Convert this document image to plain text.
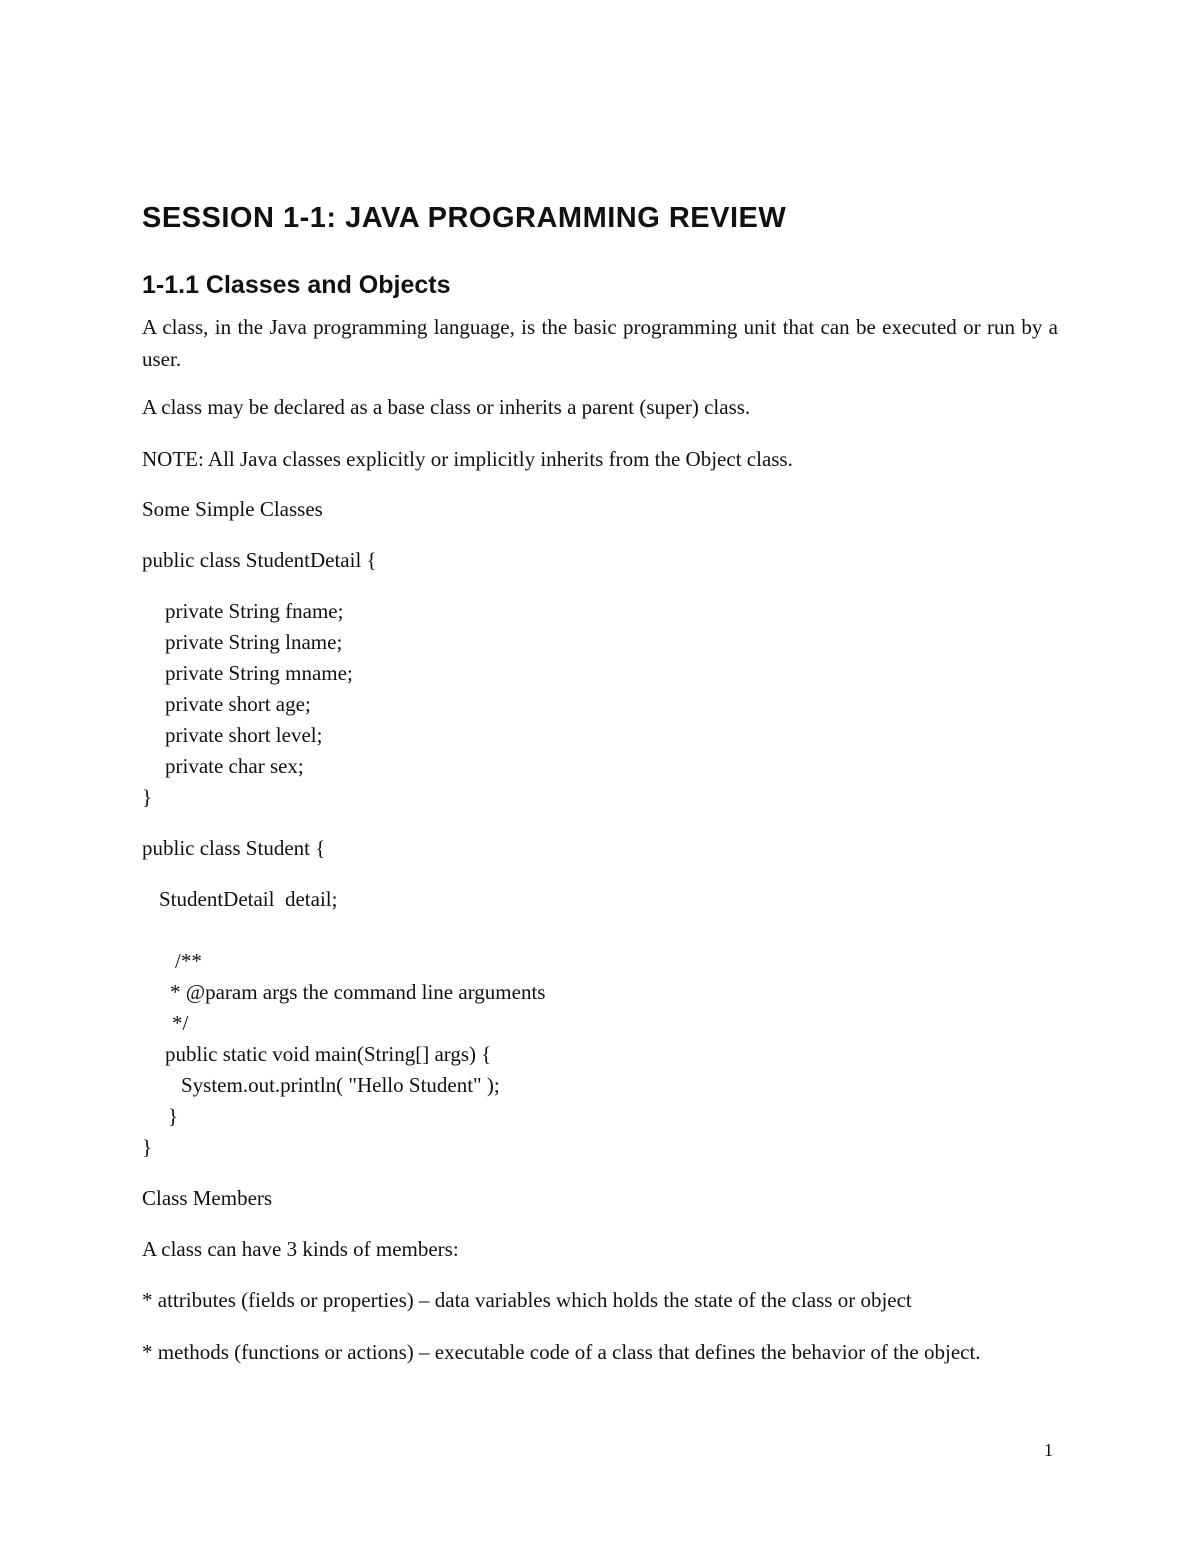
SESSION 1-1: JAVA PROGRAMMING REVIEW
1-1.1 Classes and Objects

A class, in the Java programming language, is the basic programming unit that can be executed or run by a user.

A class may be declared as a base class or inherits a parent (super) class.

NOTE: All Java classes explicitly or implicitly inherits from the Object class.

Some Simple Classes

public class StudentDetail {

private String fname;

private String lname;

private String mname;

private short age;

private short level;

private char sex;

}

public class Student {

StudentDetail  detail;

/**

* @param args the command line arguments

*/

public static void main(String[] args) {

System.out.println( "Hello Student" );

}

}

Class Members

A class can have 3 kinds of members:

* attributes (fields or properties) – data variables which holds the state of the class or object

* methods (functions or actions) – executable code of a class that defines the behavior of the object.

1
